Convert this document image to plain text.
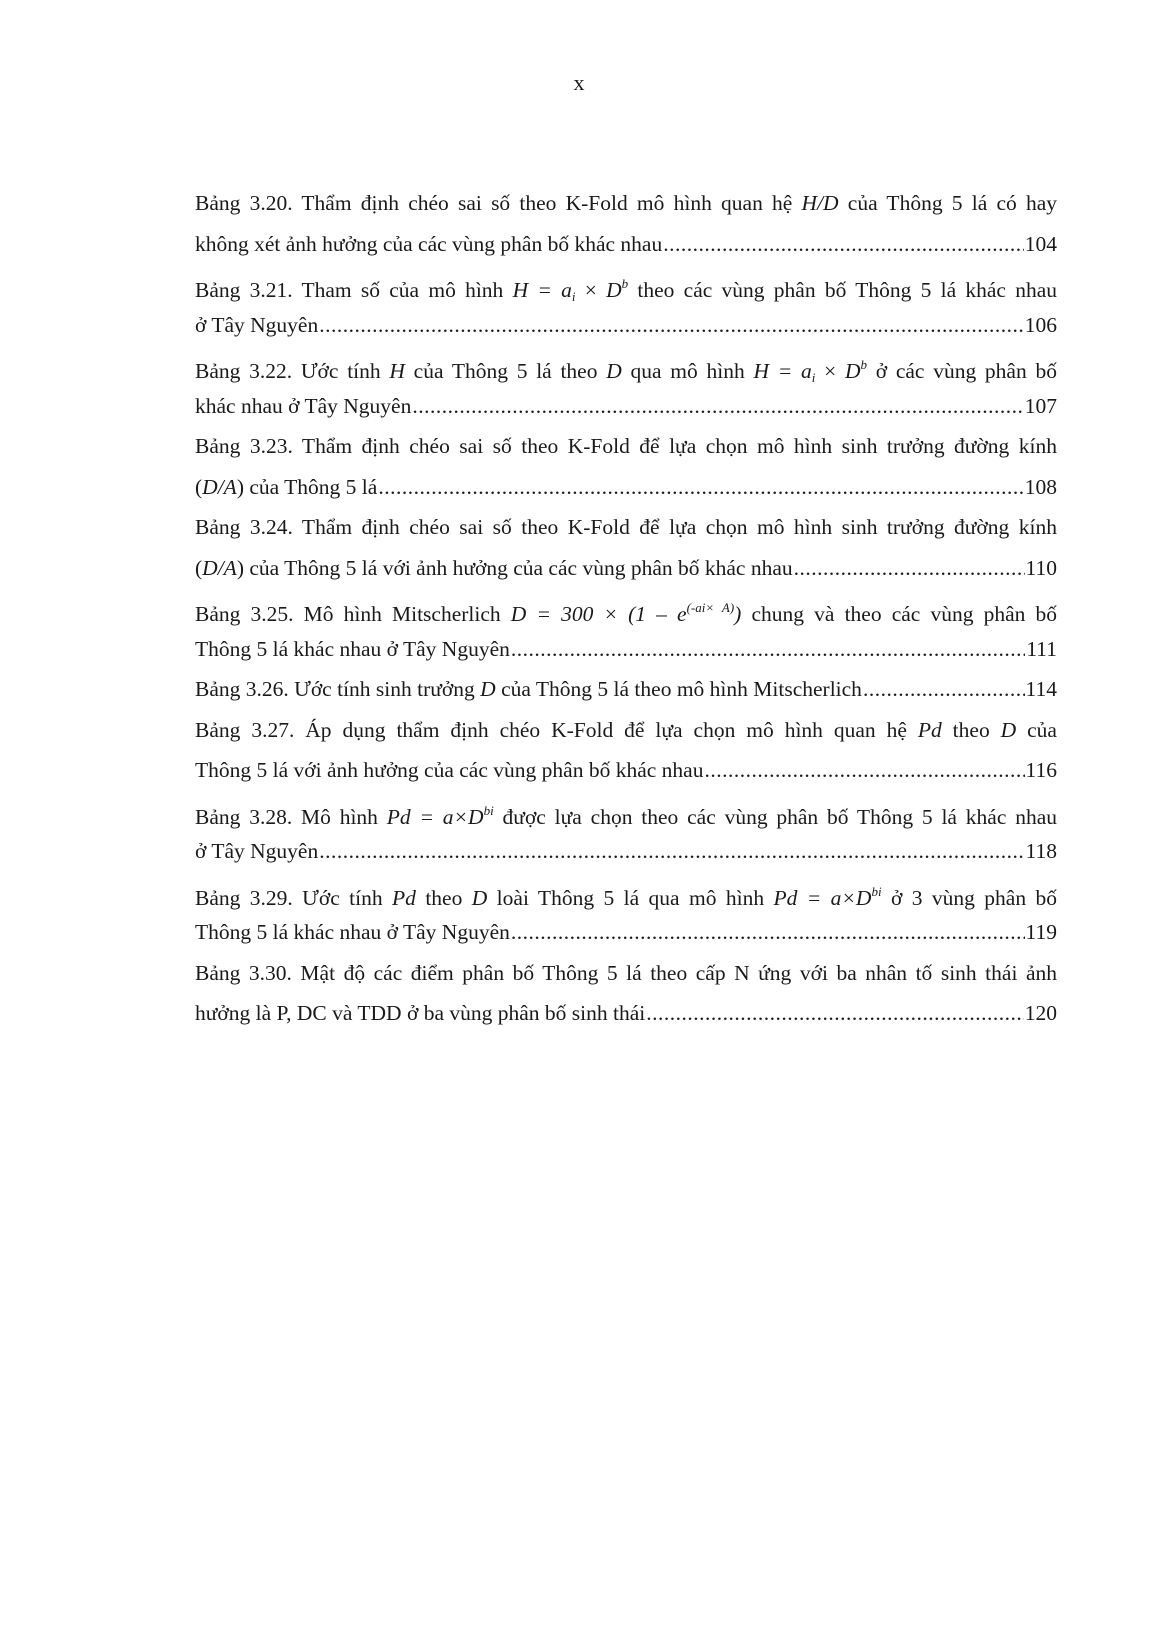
x
Bảng 3.20. Thẩm định chéo sai số theo K-Fold mô hình quan hệ H/D của Thông 5 lá có hay
không xét ảnh hưởng của các vùng phân bố khác nhau .....	104
Bảng 3.21. Tham số của mô hình $H = a_i \times D^b$ theo các vùng phân bố Thông 5 lá khác nhau
ở Tây Nguyên .....	106
Bảng 3.22. Ước tính H của Thông 5 lá theo D qua mô hình $H = a_i \times D^b$ ở các vùng phân bố
khác nhau ở Tây Nguyên .....	107
Bảng 3.23. Thẩm định chéo sai số theo K-Fold để lựa chọn mô hình sinh trưởng đường kính
(D/A) của Thông 5 lá .....	108
Bảng 3.24. Thẩm định chéo sai số theo K-Fold để lựa chọn mô hình sinh trưởng đường kính
(D/A) của Thông 5 lá với ảnh hưởng của các vùng phân bố khác nhau .....	110
Bảng 3.25. Mô hình Mitscherlich $D = 300 \times (1 - e^{(-ai\times A)})$ chung và theo các vùng phân bố
Thông 5 lá khác nhau ở Tây Nguyên .....	111
Bảng 3.26. Ước tính sinh trưởng D của Thông 5 lá theo mô hình Mitscherlich .....	114
Bảng 3.27. Áp dụng thẩm định chéo K-Fold để lựa chọn mô hình quan hệ Pd theo D của
Thông 5 lá với ảnh hưởng của các vùng phân bố khác nhau .....	116
Bảng 3.28. Mô hình $Pd = a\times D^{bi}$ được lựa chọn theo các vùng phân bố Thông 5 lá khác nhau
ở Tây Nguyên .....	118
Bảng 3.29. Ước tính Pd theo D loài Thông 5 lá qua mô hình $Pd = a\times D^{bi}$ ở 3 vùng phân bố
Thông 5 lá khác nhau ở Tây Nguyên .....	119
Bảng 3.30. Mật độ các điểm phân bố Thông 5 lá theo cấp N ứng với ba nhân tố sinh thái ảnh
hưởng là P, DC và TDD ở ba vùng phân bố sinh thái .....	120
